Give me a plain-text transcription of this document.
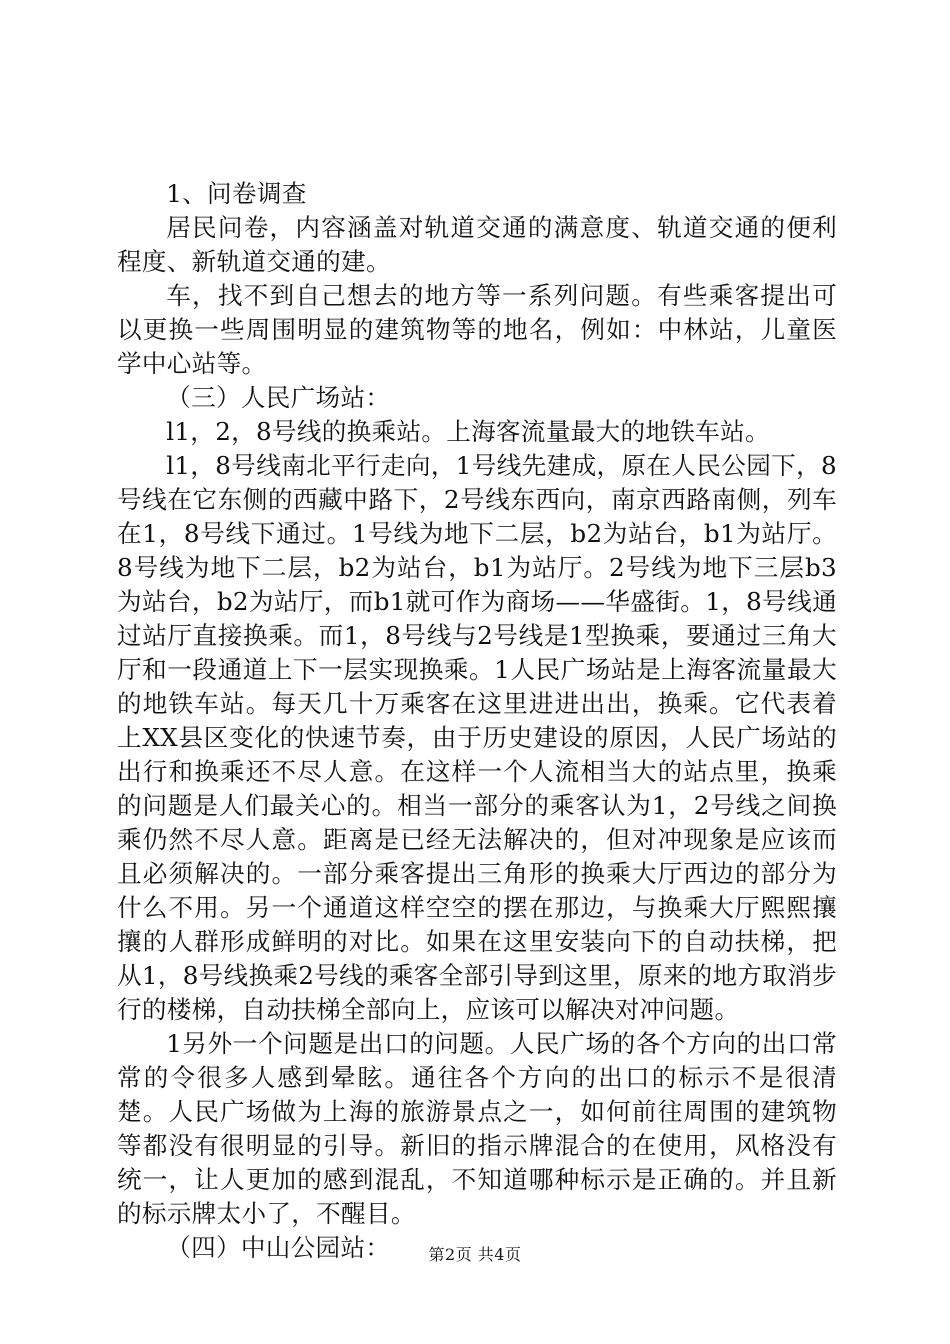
1、问卷调查

居民问卷，内容涵盖对轨道交通的满意度、轨道交通的便利程度、新轨道交通的建。

车，找不到自己想去的地方等一系列问题。有些乘客提出可以更换一些周围明显的建筑物等的地名，例如：中林站，儿童医学中心站等。

（三）人民广场站：

l1，2，8号线的换乘站。上海客流量最大的地铁车站。

l1，8号线南北平行走向，1号线先建成，原在人民公园下，8号线在它东侧的西藏中路下，2号线东西向，南京西路南侧，列车在1，8号线下通过。1号线为地下二层，b2为站台，b1为站厅。8号线为地下二层，b2为站台，b1为站厅。2号线为地下三层b3为站台，b2为站厅，而b1就可作为商场——华盛街。1，8号线通过站厅直接换乘。而1，8号线与2号线是1型换乘，要通过三角大厅和一段通道上下一层实现换乘。1人民广场站是上海客流量最大的地铁车站。每天几十万乘客在这里进进出出，换乘。它代表着上XX县区变化的快速节奏，由于历史建设的原因，人民广场站的出行和换乘还不尽人意。在这样一个人流相当大的站点里，换乘的问题是人们最关心的。相当一部分的乘客认为1，2号线之间换乘仍然不尽人意。距离是已经无法解决的，但对冲现象是应该而且必须解决的。一部分乘客提出三角形的换乘大厅西边的部分为什么不用。另一个通道这样空空的摆在那边，与换乘大厅熙熙攘攘的人群形成鲜明的对比。如果在这里安装向下的自动扶梯，把从1，8号线换乘2号线的乘客全部引导到这里，原来的地方取消步行的楼梯，自动扶梯全部向上，应该可以解决对冲问题。

1另外一个问题是出口的问题。人民广场的各个方向的出口常常的令很多人感到晕眩。通往各个方向的出口的标示不是很清楚。人民广场做为上海的旅游景点之一，如何前往周围的建筑物等都没有很明显的引导。新旧的指示牌混合的在使用，风格没有统一，让人更加的感到混乱，不知道哪种标示是正确的。并且新的标示牌太小了，不醒目。

（四）中山公园站：	第2页 共4页
